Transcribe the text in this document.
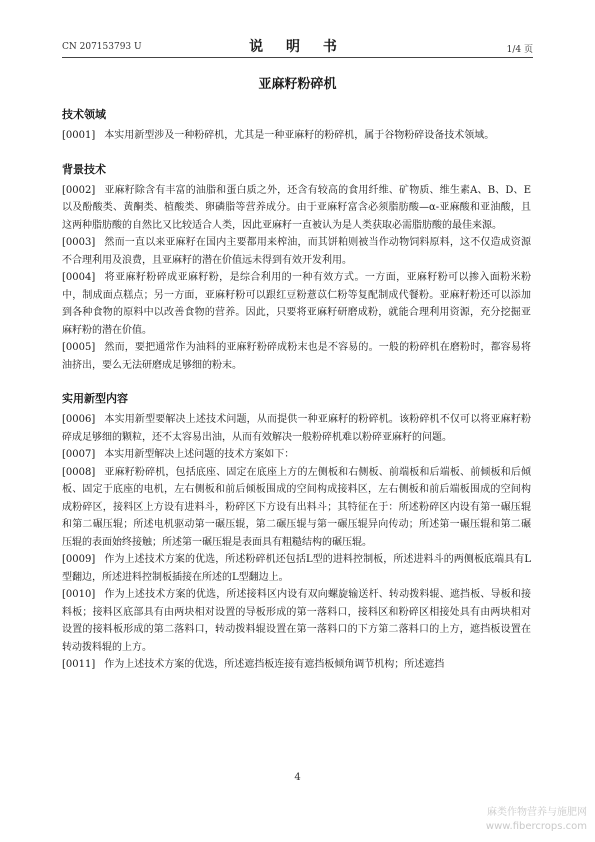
CN 207153793 U	说 明 书	1/4 页
亚麻籽粉碎机
技术领域

[0001] 本实用新型涉及一种粉碎机，尤其是一种亚麻籽的粉碎机，属于谷物粉碎设备技术领域。

背景技术

[0002] 亚麻籽除含有丰富的油脂和蛋白质之外，还含有较高的食用纤维、矿物质、维生素A、B、D、E 以及酚酸类、黄酮类、植酸类、卵磷脂等营养成分。由于亚麻籽富含必须脂肪酸—α-亚麻酸和亚油酸，且这两种脂肪酸的自然比又比较适合人类，因此亚麻籽一直被认为是人类获取必需脂肪酸的最佳来源。

[0003] 然而一直以来亚麻籽在国内主要都用来榨油，而其饼粕则被当作动物饲料原料，这不仅造成资源不合理利用及浪费，且亚麻籽的潜在价值远未得到有效开发利用。

[0004] 将亚麻籽粉碎成亚麻籽粉，是综合利用的一种有效方式。一方面，亚麻籽粉可以掺入面粉米粉中，制成面点糕点；另一方面，亚麻籽粉可以跟红豆粉薏苡仁粉等复配制成代餐粉。亚麻籽粉还可以添加到各种食物的原料中以改善食物的营养。因此，只要将亚麻籽研磨成粉，就能合理利用资源，充分挖掘亚麻籽粉的潜在价值。

[0005] 然而，要把通常作为油料的亚麻籽粉碎成粉末也是不容易的。一般的粉碎机在磨粉时，都容易将油挤出，要么无法研磨成足够细的粉末。

实用新型内容

[0006] 本实用新型要解决上述技术问题，从而提供一种亚麻籽的粉碎机。该粉碎机不仅可以将亚麻籽粉碎成足够细的颗粒，还不太容易出油，从而有效解决一般粉碎机难以粉碎亚麻籽的问题。

[0007] 本实用新型解决上述问题的技术方案如下：

[0008] 亚麻籽粉碎机，包括底座、固定在底座上方的左侧板和右侧板、前端板和后端板、前倾板和后倾板、固定于底座的电机，左右侧板和前后倾板围成的空间构成接料区，左右侧板和前后端板围成的空间构成粉碎区，接料区上方设有进料斗，粉碎区下方设有出料斗；其特征在于：所述粉碎区内设有第一碾压辊和第二碾压辊；所述电机驱动第一碾压辊，第二碾压辊与第一碾压辊异向传动；所述第一碾压辊和第二碾压辊的表面始终接触；所述第一碾压辊是表面具有粗糙结构的碾压辊。

[0009] 作为上述技术方案的优选，所述粉碎机还包括L型的进料控制板，所述进料斗的两侧板底端具有L型翻边，所述进料控制板插接在所述的L型翻边上。

[0010] 作为上述技术方案的优选，所述接料区内设有双向螺旋输送杆、转动拨料辊、遮挡板、导板和接料板；接料区底部具有由两块相对设置的导板形成的第一落料口，接料区和粉碎区相接处具有由两块相对设置的接料板形成的第二落料口，转动拨料辊设置在第一落料口的下方第二落料口的上方，遮挡板设置在转动拨料辊的上方。

[0011] 作为上述技术方案的优选，所述遮挡板连接有遮挡板倾角调节机构；所述遮挡

4
麻类作物营养与施肥网
www.fibercrops.com
